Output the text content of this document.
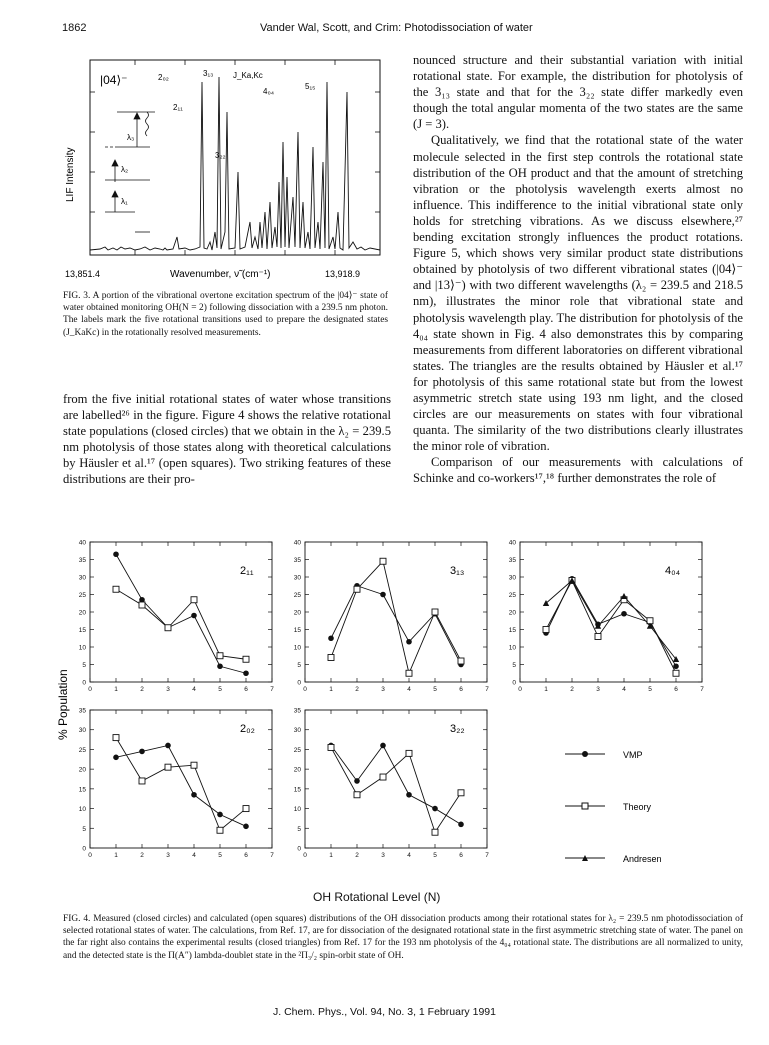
1862	Vander Wal, Scott, and Crim: Photodissociation of water
λ₃
λ₂
λ₁
|04⟩⁻	2₀₂	3₁₃
2₁₁
4₀₄
5₁₅
3₂₂
J_Ka,Kc
LIF Intensity
13,851.4	Wavenumber, ν̃ (cm⁻¹)	13,918.9
FIG. 3. A portion of the vibrational overtone excitation spectrum of the |04⟩⁻ state of water obtained monitoring OH(N = 2) following dissociation with a 239.5 nm photon. The labels mark the five rotational transitions used to prepare the designated states (J_KaKc) in the rotationally resolved measurements.

from the five initial rotational states of water whose transitions are labelled²⁶ in the figure. Figure 4 shows the relative rotational state populations (closed circles) that we obtain in the λ₂ = 239.5 nm photolysis of those states along with theoretical calculations by Häusler et al.¹⁷ (open squares). Two striking features of these distributions are their pro-

nounced structure and their substantial variation with initial rotational state. For example, the distribution for photolysis of the 3₁₃ state and that for the 3₂₂ state differ markedly even though the total angular momenta of the two states are the same (J = 3).

Qualitatively, we find that the rotational state of the water molecule selected in the first step controls the rotational state distribution of the OH product and that the amount of stretching vibration or the photolysis wavelength exerts almost no influence. This indifference to the initial vibrational state only holds for stretching vibrations. As we discuss elsewhere,²⁷ bending excitation strongly influences the product rotations. Figure 5, which shows very similar product state distributions obtained by photolysis of two different vibrational states (|04⟩⁻ and |13⟩⁻) with two different wavelengths (λ₂ = 239.5 and 218.5 nm), illustrates the minor role that vibrational state and photolysis wavelength play. The distribution for photolysis of the 4₀₄ state shown in Fig. 4 also demonstrates this by comparing measurements from different laboratories on different vibrational states. The triangles are the results obtained by Häusler et al.¹⁷ for photolysis of this same rotational state but from the lowest asymmetric stretch state using 193 nm light, and the closed circles are our measurements on states with four vibrational quanta. The similarity of the two distributions clearly illustrates the minor role of vibration.

Comparison of our measurements with calculations of Schinke and co-workers¹⁷,¹⁸ further demonstrates the role of

0
5
10
15
20
25
30
35
40
0	1	2	3	4	5	6	7
2₁₁
0
5
10
15
20
25
30
35
40
0	1	2	3	4	5	6	7
3₁₃
0
5
10
15
20
25
30
35
40
0	1	2	3	4	5	6	7
4₀₄
0
5
10
15
20
25
30
35
0	1	2	3	4	5	6	7
2₀₂
0
5
10
15
20
25
30
35
0	1	2	3	4	5	6	7
3₂₂
% Population
VMP
Theory
Andresen
OH Rotational Level (N)
FIG. 4. Measured (closed circles) and calculated (open squares) distributions of the OH dissociation products among their rotational states for λ₂ = 239.5 nm photodissociation of selected rotational states of water. The calculations, from Ref. 17, are for dissociation of the designated rotational state in the first asymmetric stretching state of water. The panel on the far right also contains the experimental results (closed triangles) from Ref. 17 for the 193 nm photolysis of the 4₀₄ rotational state. The distributions are all normalized to unity, and the detected state is the Π(A″) lambda-doublet state in the ²Π₃/₂ spin-orbit state of OH.
J. Chem. Phys., Vol. 94, No. 3, 1 February 1991
